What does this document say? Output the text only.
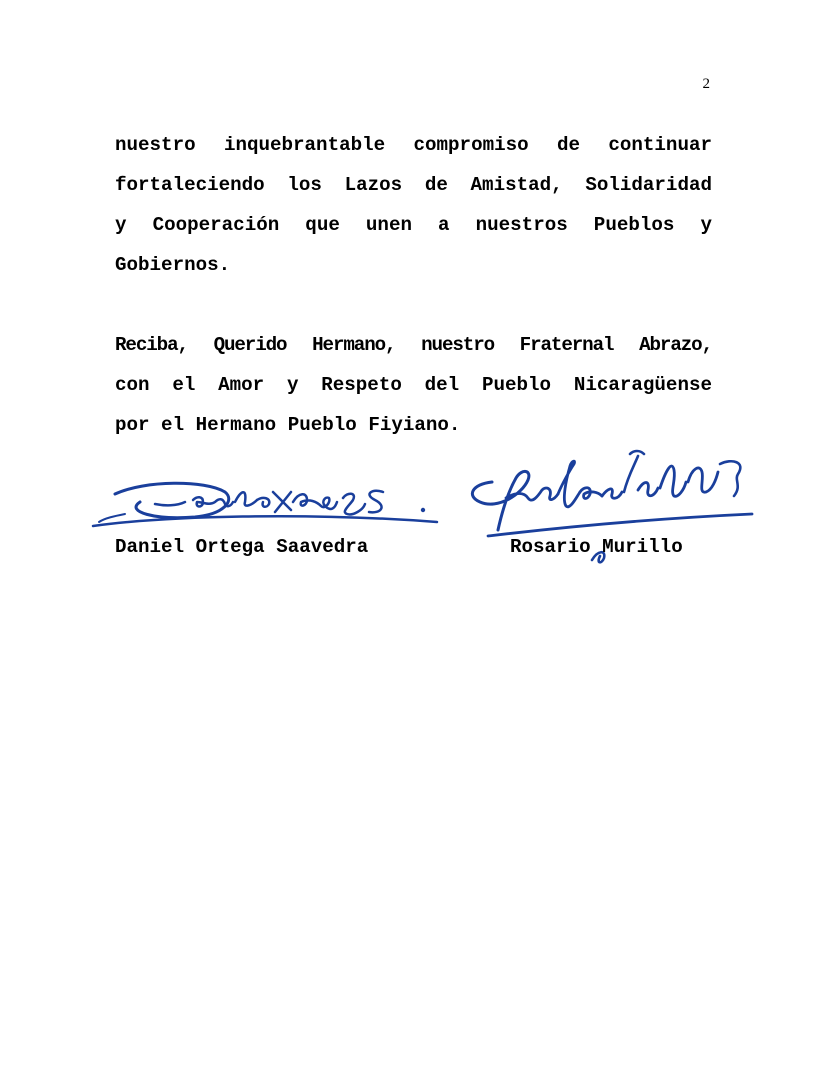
2
nuestro inquebrantable compromiso de continuar
fortaleciendo los Lazos de Amistad, Solidaridad
y Cooperación que unen a nuestros Pueblos y
Gobiernos.
Reciba, Querido Hermano, nuestro Fraternal Abrazo,
con el Amor y Respeto del Pueblo Nicaragüense
por el Hermano Pueblo Fiyiano.
Daniel Ortega Saavedra	Rosario Murillo
